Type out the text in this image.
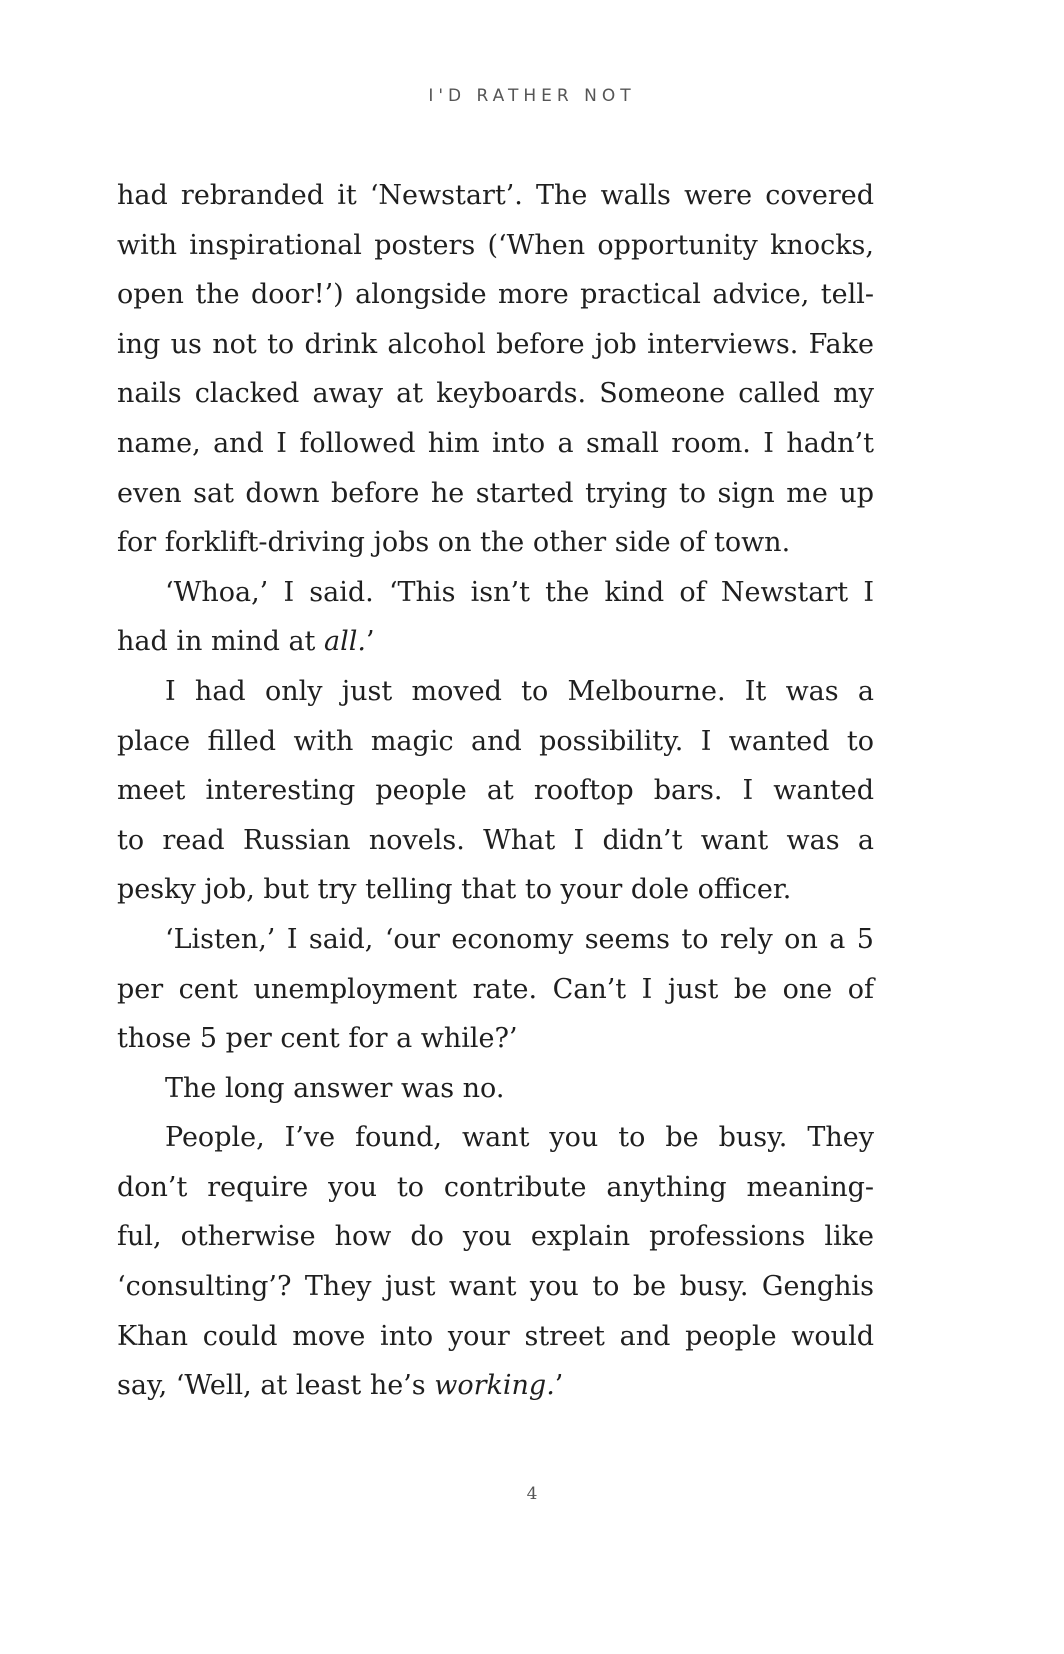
I'D RATHER NOT
had rebranded it ‘Newstart’. The walls were covered
with inspirational posters (‘When opportunity knocks,
open the door!’) alongside more practical advice, tell-
ing us not to drink alcohol before job interviews. Fake
nails clacked away at keyboards. Someone called my
name, and I followed him into a small room. I hadn’t
even sat down before he started trying to sign me up
for forklift-driving jobs on the other side of town.
‘Whoa,’ I said. ‘This isn’t the kind of Newstart I
had in mind at all.’
I had only just moved to Melbourne. It was a
place filled with magic and possibility. I wanted to
meet interesting people at rooftop bars. I wanted
to read Russian novels. What I didn’t want was a
pesky job, but try telling that to your dole officer.
‘Listen,’ I said, ‘our economy seems to rely on a 5
per cent unemployment rate. Can’t I just be one of
those 5 per cent for a while?’
The long answer was no.
People, I’ve found, want you to be busy. They
don’t require you to contribute anything meaning-
ful, otherwise how do you explain professions like
‘consulting’? They just want you to be busy. Genghis
Khan could move into your street and people would
say, ‘Well, at least he’s working.’
4
